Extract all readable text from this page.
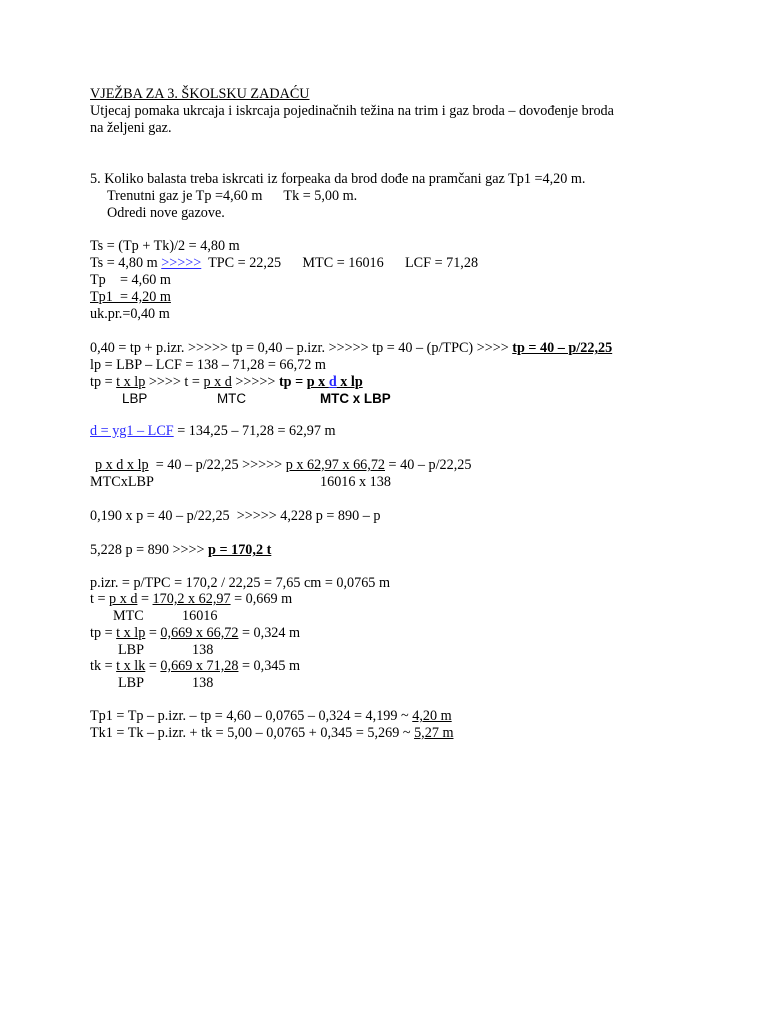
VJEŽBA ZA 3. ŠKOLSKU ZADAĆU
Utjecaj pomaka ukrcaja i iskrcaja pojedinačnih težina na trim i gaz broda – dovođenje broda
na željeni gaz.
5. Koliko balasta treba iskrcati iz forpeaka da brod dođe na pramčani gaz Tp1 =4,20 m.
Trenutni gaz je Tp =4,60 m      Tk = 5,00 m.
Odredi nove gazove.
Ts = (Tp + Tk)/2 = 4,80 m
Ts = 4,80 m >>>>>  TPC = 22,25      MTC = 16016      LCF = 71,28
Tp    = 4,60 m
Tp1  = 4,20 m
uk.pr.=0,40 m
0,40 = tp + p.izr. >>>>> tp = 0,40 – p.izr. >>>>> tp = 40 – (p/TPC) >>>> tp = 40 – p/22,25
lp = LBP – LCF = 138 – 71,28 = 66,72 m
tp = t x lp >>>> t = p x d >>>>> tp = p x d x lp
LBP	MTC	MTC x LBP
d = yg1 – LCF = 134,25 – 71,28 = 62,97 m
p x d x lp  = 40 – p/22,25 >>>>> p x 62,97 x 66,72 = 40 – p/22,25
MTCxLBP	16016 x 138
0,190 x p = 40 – p/22,25  >>>>> 4,228 p = 890 – p
5,228 p = 890 >>>> p = 170,2 t
p.izr. = p/TPC = 170,2 / 22,25 = 7,65 cm = 0,0765 m
t = p x d = 170,2 x 62,97 = 0,669 m
MTC	16016
tp = t x lp = 0,669 x 66,72 = 0,324 m
LBP	138
tk = t x lk = 0,669 x 71,28 = 0,345 m
LBP	138
Tp1 = Tp – p.izr. – tp = 4,60 – 0,0765 – 0,324 = 4,199 ~ 4,20 m
Tk1 = Tk – p.izr. + tk = 5,00 – 0,0765 + 0,345 = 5,269 ~ 5,27 m
